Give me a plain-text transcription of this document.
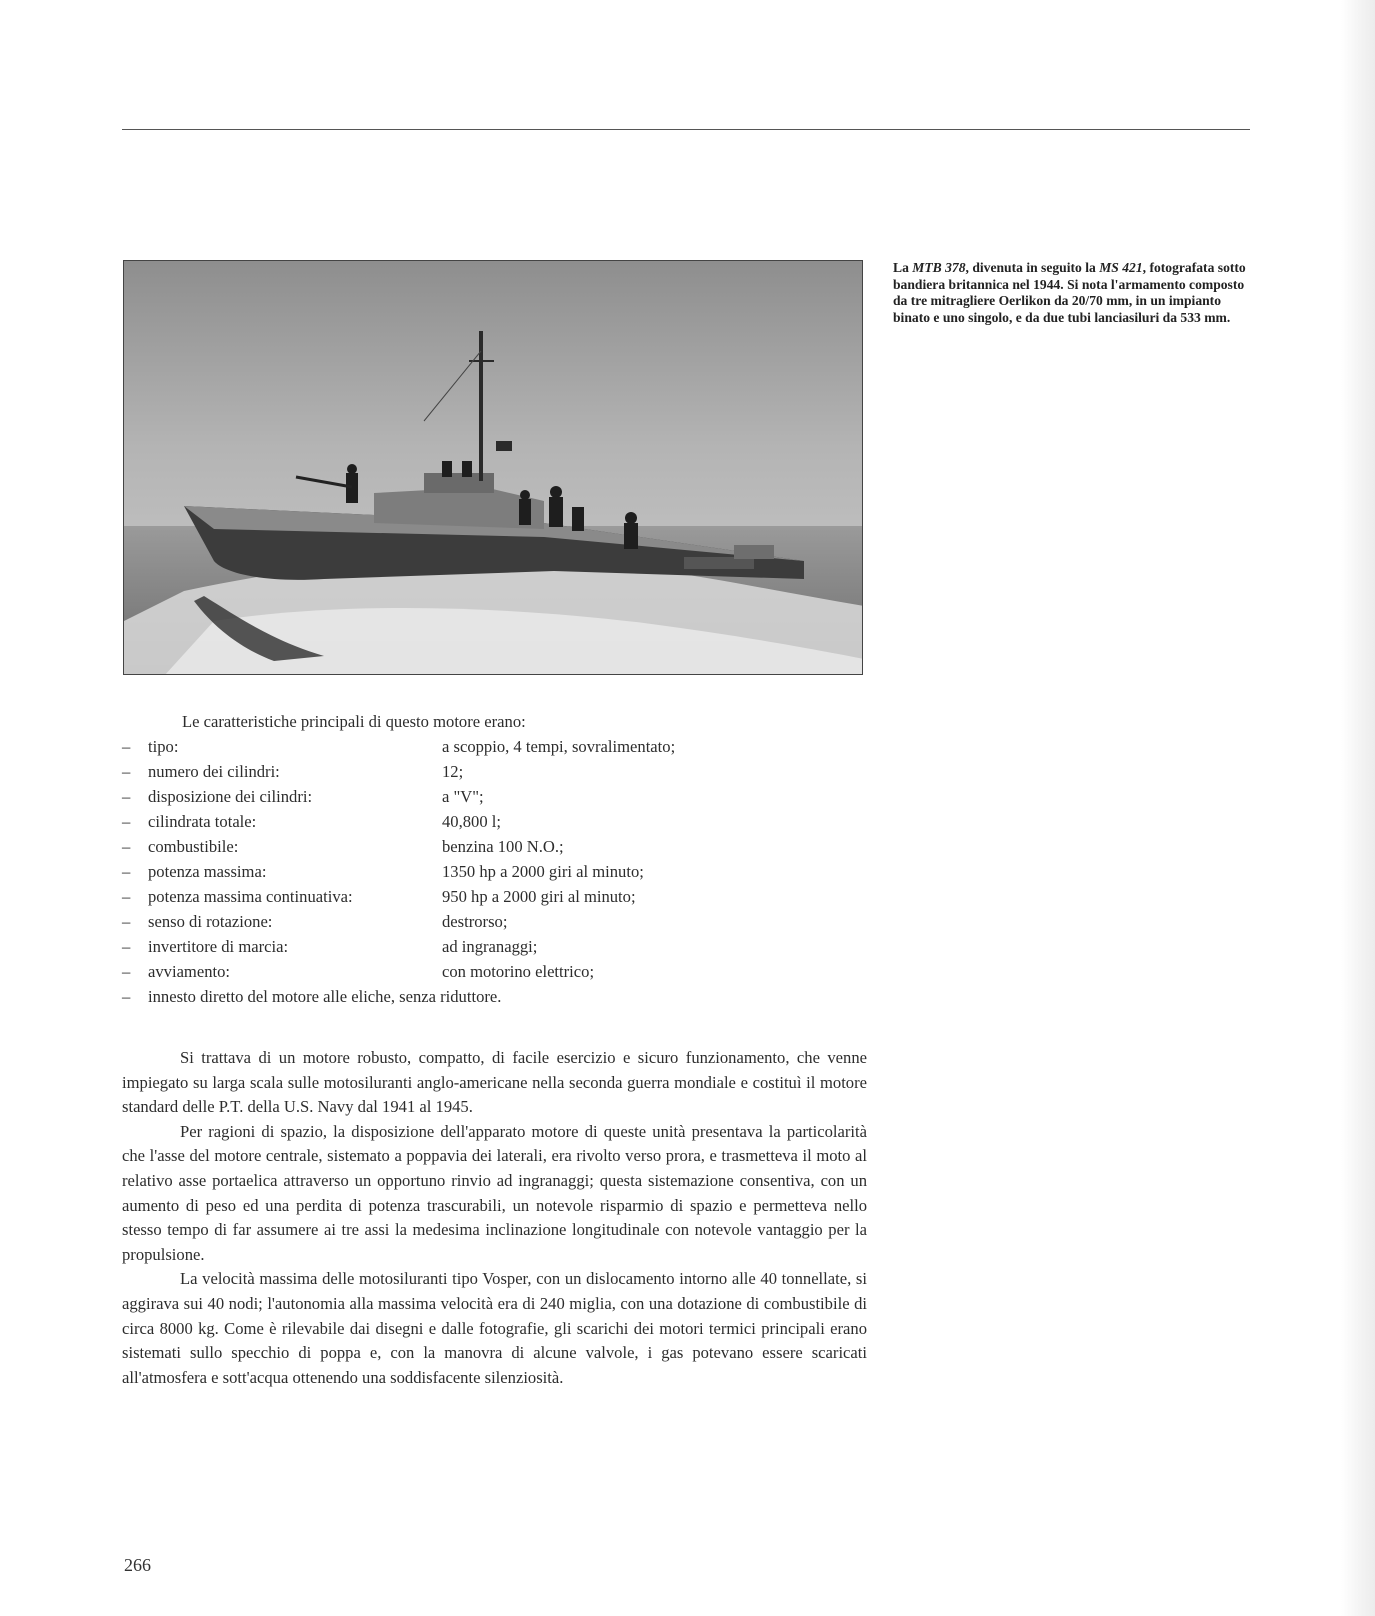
La MTB 378, divenuta in seguito la MS 421, fotografata sotto bandiera britannica nel 1944. Si nota l'armamento composto da tre mitragliere Oerlikon da 20/70 mm, in un impianto binato e uno singolo, e da due tubi lanciasiluri da 533 mm.

Le caratteristiche principali di questo motore erano:

– tipo:	a scoppio, 4 tempi, sovralimentato;
– numero dei cilindri:	12;
– disposizione dei cilindri:	a "V";
– cilindrata totale:	40,800 l;
– combustibile:	benzina 100 N.O.;
– potenza massima:	1350 hp a 2000 giri al minuto;
– potenza massima continuativa:	950 hp a 2000 giri al minuto;
– senso di rotazione:	destrorso;
– invertitore di marcia:	ad ingranaggi;
– avviamento:	con motorino elettrico;
– innesto diretto del motore alle eliche, senza riduttore.

Si trattava di un motore robusto, compatto, di facile esercizio e sicuro funzionamento, che venne impiegato su larga scala sulle motosiluranti anglo-americane nella seconda guerra mondiale e costituì il motore standard delle P.T. della U.S. Navy dal 1941 al 1945.

Per ragioni di spazio, la disposizione dell'apparato motore di queste unità presentava la particolarità che l'asse del motore centrale, sistemato a poppavia dei laterali, era rivolto verso prora, e trasmetteva il moto al relativo asse portaelica attraverso un opportuno rinvio ad ingranaggi; questa sistemazione consentiva, con un aumento di peso ed una perdita di potenza trascurabili, un notevole risparmio di spazio e permetteva nello stesso tempo di far assumere ai tre assi la medesima inclinazione longitudinale con notevole vantaggio per la propulsione.

La velocità massima delle motosiluranti tipo Vosper, con un dislocamento intorno alle 40 tonnellate, si aggirava sui 40 nodi; l'autonomia alla massima velocità era di 240 miglia, con una dotazione di combustibile di circa 8000 kg. Come è rilevabile dai disegni e dalle fotografie, gli scarichi dei motori termici principali erano sistemati sullo specchio di poppa e, con la manovra di alcune valvole, i gas potevano essere scaricati all'atmosfera e sott'acqua ottenendo una soddisfacente silenziosità.

266
